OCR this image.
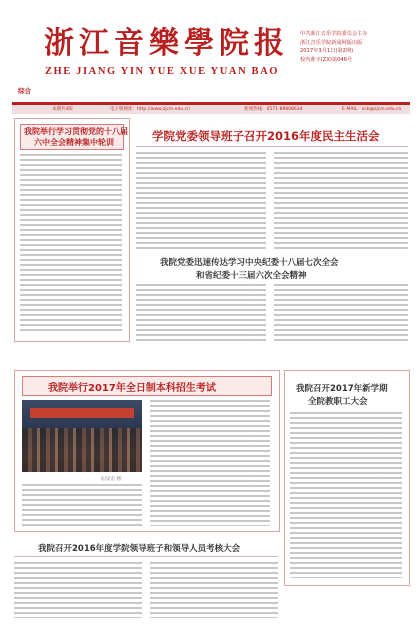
浙江音樂學院报
ZHE JIANG YIN YUE XUE YUAN BAO
中共浙江音乐学院委员会主办
浙江音乐学院新闻网版出版
2017年3月1日(第2期)
校内准字(ZX)第046号
综合
本期共4版	电子版网址：http://www.zjcm.edu.cn	新闻热线：0571-89808634	E-MAIL：xcb@zjcm.edu.cn
我院举行学习贯彻党的十八届
六中全会精神集中轮训	学院党委领导班子召开2016年度民主生活会
我院党委迅速传达学习中央纪委十八届七次全会
和省纪委十三届六次全会精神
我院举行2017年全日制本科招生考试
文/吴宏 图
我院召开2017年新学期
全院教职工大会
我院召开2016年度学院领导班子和领导人员考核大会
